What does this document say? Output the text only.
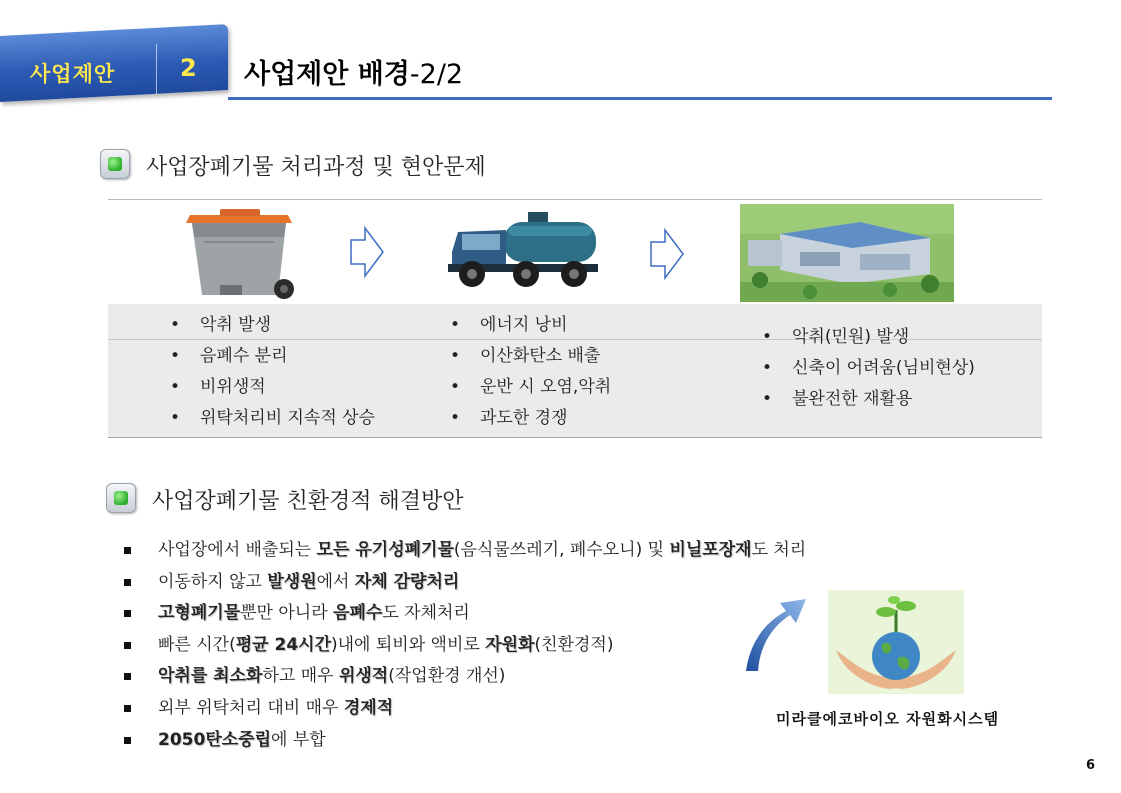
사업제안	2 사업제안 배경-2/2
사업장폐기물 처리과정 및 현안문제
• 악취 발생
• 음폐수 분리
• 비위생적
• 위탁처리비 지속적 상승
• 에너지 낭비
• 이산화탄소 배출
• 운반 시 오염,악취
• 과도한 경쟁
• 악취(민원) 발생
• 신축이 어려움(님비현상)
• 불완전한 재활용
사업장폐기물 친환경적 해결방안
사업장에서 배출되는 모든 유기성폐기물(음식물쓰레기, 폐수오니) 및 비닐포장재도 처리
이동하지 않고 발생원에서 자체 감량처리
고형폐기물뿐만 아니라 음폐수도 자체처리
빠른 시간(평균 24시간)내에 퇴비와 액비로 자원화(친환경적)
악취를 최소화하고 매우 위생적(작업환경 개선)
외부 위탁처리 대비 매우 경제적
2050탄소중립에 부합
미라클에코바이오 자원화시스템
6
